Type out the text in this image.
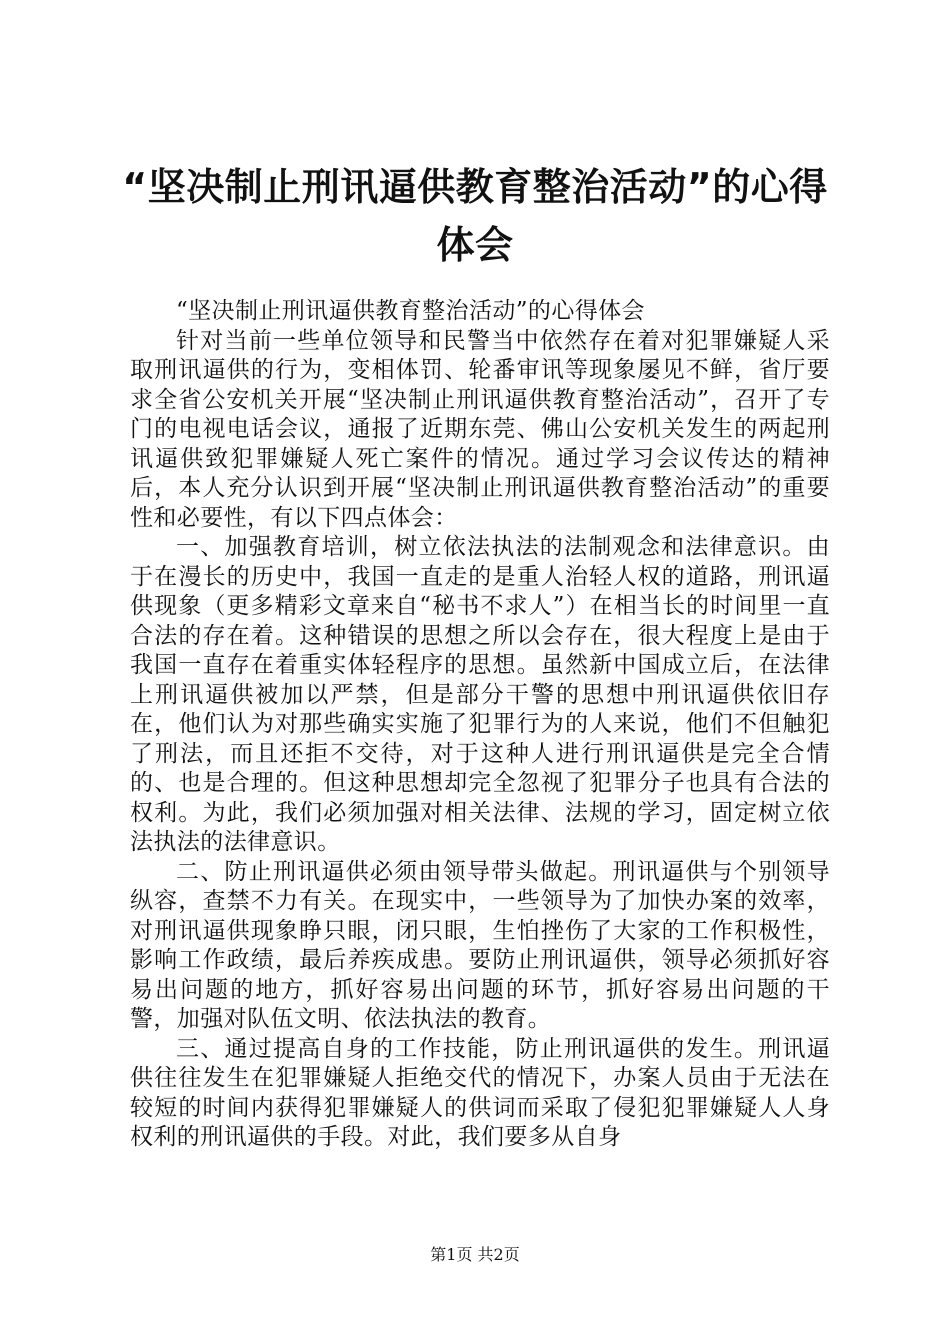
“坚决制止刑讯逼供教育整治活动”的心得体会

“坚决制止刑讯逼供教育整治活动”的心得体会

针对当前一些单位领导和民警当中依然存在着对犯罪嫌疑人采取刑讯逼供的行为，变相体罚、轮番审讯等现象屡见不鲜，省厅要求全省公安机关开展“坚决制止刑讯逼供教育整治活动”，召开了专门的电视电话会议，通报了近期东莞、佛山公安机关发生的两起刑讯逼供致犯罪嫌疑人死亡案件的情况。通过学习会议传达的精神后，本人充分认识到开展“坚决制止刑讯逼供教育整治活动”的重要性和必要性，有以下四点体会：

一、加强教育培训，树立依法执法的法制观念和法律意识。由于在漫长的历史中，我国一直走的是重人治轻人权的道路，刑讯逼供现象（更多精彩文章来自“秘书不求人”）在相当长的时间里一直合法的存在着。这种错误的思想之所以会存在，很大程度上是由于我国一直存在着重实体轻程序的思想。虽然新中国成立后，在法律上刑讯逼供被加以严禁，但是部分干警的思想中刑讯逼供依旧存在，他们认为对那些确实实施了犯罪行为的人来说，他们不但触犯了刑法，而且还拒不交待，对于这种人进行刑讯逼供是完全合情的、也是合理的。但这种思想却完全忽视了犯罪分子也具有合法的权利。为此，我们必须加强对相关法律、法规的学习，固定树立依法执法的法律意识。

二、防止刑讯逼供必须由领导带头做起。刑讯逼供与个别领导纵容，查禁不力有关。在现实中，一些领导为了加快办案的效率，对刑讯逼供现象睁只眼，闭只眼，生怕挫伤了大家的工作积极性，影响工作政绩，最后养疾成患。要防止刑讯逼供，领导必须抓好容易出问题的地方，抓好容易出问题的环节，抓好容易出问题的干警，加强对队伍文明、依法执法的教育。

三、通过提高自身的工作技能，防止刑讯逼供的发生。刑讯逼供往往发生在犯罪嫌疑人拒绝交代的情况下，办案人员由于无法在较短的时间内获得犯罪嫌疑人的供词而采取了侵犯犯罪嫌疑人人身权利的刑讯逼供的手段。对此，我们要多从自身

第1页 共2页
